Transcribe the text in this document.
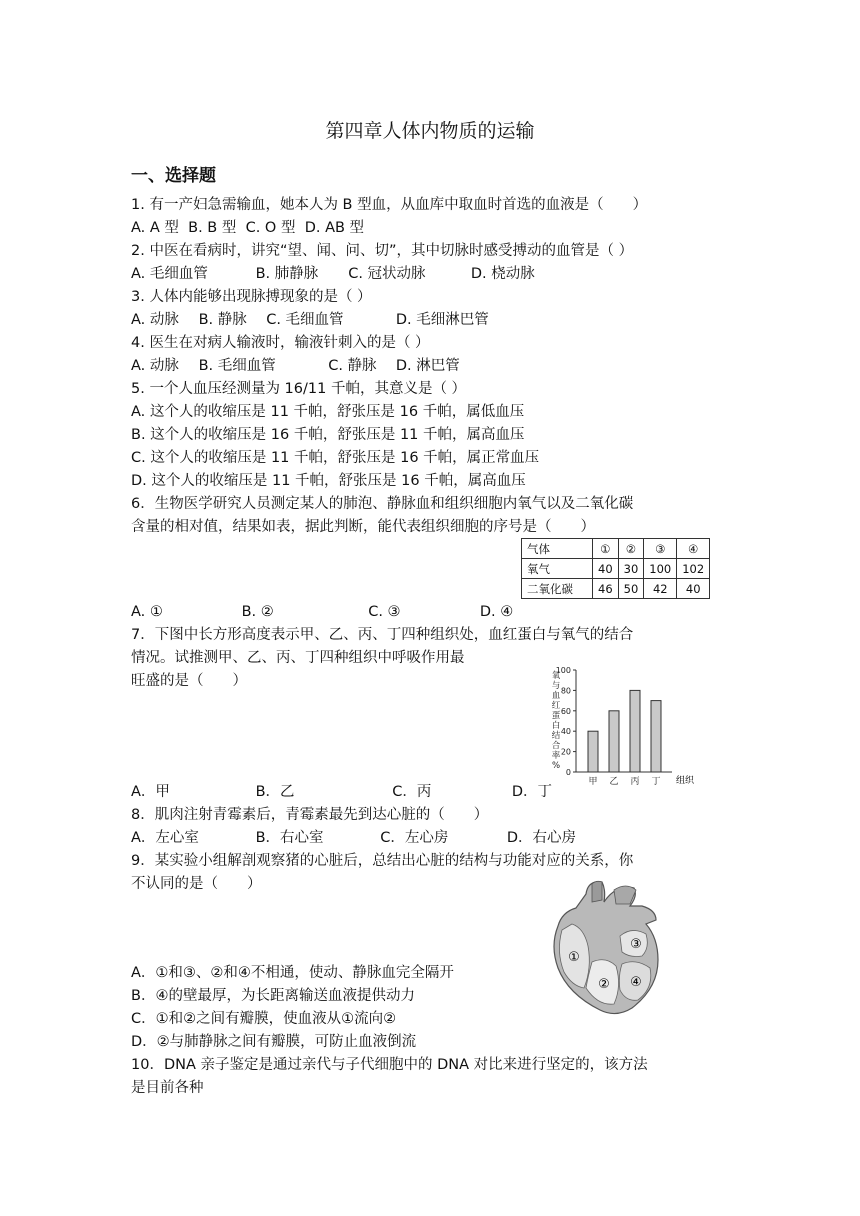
第四章人体内物质的运输
一、选择题
1. 有一产妇急需输血，她本人为 B 型血，从血库中取血时首选的血液是（　　）
A. A 型 B. B 型 C. O 型 D. AB 型
2. 中医在看病时，讲究“望、闻、问、切”，其中切脉时感受搏动的血管是（ ）
A. 毛细血管	B. 肺静脉 C. 冠状动脉	D. 桡动脉
3. 人体内能够出现脉搏现象的是（ ）
A. 动脉 B. 静脉 C. 毛细血管	D. 毛细淋巴管
4. 医生在对病人输液时，输液针刺入的是（ ）
A. 动脉 B. 毛细血管	C. 静脉 D. 淋巴管
5. 一个人血压经测量为 16/11 千帕，其意义是（ ）
A. 这个人的收缩压是 11 千帕，舒张压是 16 千帕，属低血压
B. 这个人的收缩压是 16 千帕，舒张压是 11 千帕，属高血压
C. 这个人的收缩压是 11 千帕，舒张压是 16 千帕，属正常血压
D. 这个人的收缩压是 11 千帕，舒张压是 16 千帕，属高血压
6．生物医学研究人员测定某人的肺泡、静脉血和组织细胞内氧气以及二氧化碳
含量的相对值，结果如表，据此判断，能代表组织细胞的序号是（　　）
气体	①	②	③	④
氧气	40	30	100	102
二氧化碳	46	50	42	40
A. ①	B. ②	C. ③	D. ④
7．下图中长方形高度表示甲、乙、丙、丁四种组织处，血红蛋白与氧气的结合
情况。试推测甲、乙、丙、丁四种组织中呼吸作用最
旺盛的是（　　）	氧
与
血
红
蛋
白
结
合
率
%
0
20
40
60
80
100
甲 乙 丙 丁 组织
A．甲	B．乙	C．丙	D．丁
8．肌肉注射青霉素后，青霉素最先到达心脏的（　　）
A．左心室	B．右心室	C．左心房	D．右心房
9．某实验小组解剖观察猪的心脏后，总结出心脏的结构与功能对应的关系，你
不认同的是（　　）
①
②
③
④
A．①和③、②和④不相通，使动、静脉血完全隔开
B．④的壁最厚，为长距离输送血液提供动力
C．①和②之间有瓣膜，使血液从①流向②
D．②与肺静脉之间有瓣膜，可防止血液倒流
10．DNA 亲子鉴定是通过亲代与子代细胞中的 DNA 对比来进行坚定的，该方法
是目前各种
